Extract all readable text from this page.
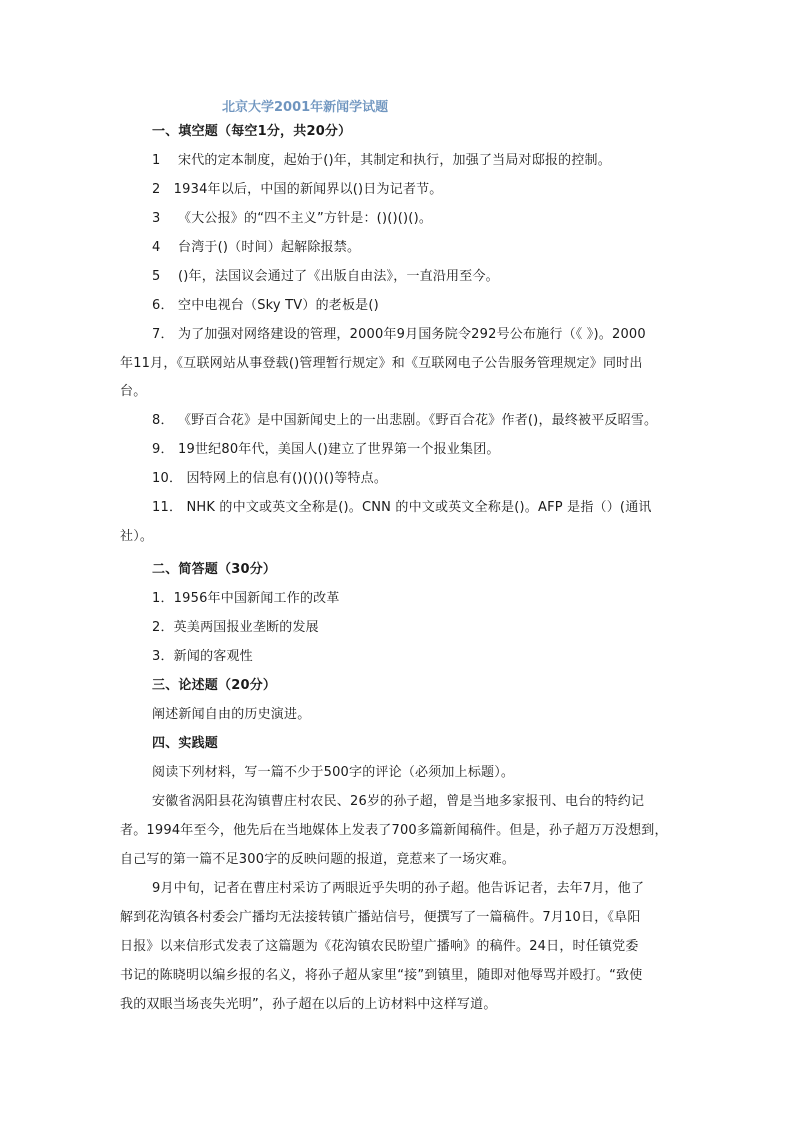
北京大学2001年新闻学试题
一、填空题（每空1分，共20分）
1　 宋代的定本制度，起始于()年，其制定和执行，加强了当局对邸报的控制。
2　1934年以后，中国的新闻界以()日为记者节。
3　 《大公报》的“四不主义”方针是：()()()()。
4　 台湾于()（时间）起解除报禁。
5　 ()年，法国议会通过了《出版自由法》，一直沿用至今。
6． 空中电视台（Sky TV）的老板是()
7． 为了加强对网络建设的管理，2000年9月国务院令292号公布施行（《 》)。2000
年11月，《互联网站从事登载()管理暂行规定》和《互联网电子公告服务管理规定》同时出
台。
8． 《野百合花》是中国新闻史上的一出悲剧。《野百合花》作者()，最终被平反昭雪。
9． 19世纪80年代，美国人()建立了世界第一个报业集团。
10． 因特网上的信息有()()()()等特点。
11． NHK 的中文或英文全称是()。CNN 的中文或英文全称是()。AFP 是指（）(通讯
社）。
二、简答题（30分）
1．1956年中国新闻工作的改革
2．英美两国报业垄断的发展
3．新闻的客观性
三、论述题（20分）
阐述新闻自由的历史演进。
四、实践题
阅读下列材料，写一篇不少于500字的评论（必须加上标题）。
安徽省涡阳县花沟镇曹庄村农民、26岁的孙子超，曾是当地多家报刊、电台的特约记
者。1994年至今，他先后在当地媒体上发表了700多篇新闻稿件。但是，孙子超万万没想到，
自己写的第一篇不足300字的反映问题的报道，竟惹来了一场灾难。
9月中旬，记者在曹庄村采访了两眼近乎失明的孙子超。他告诉记者，去年7月，他了
解到花沟镇各村委会广播均无法接转镇广播站信号，便撰写了一篇稿件。7月10日，《阜阳
日报》以来信形式发表了这篇题为《花沟镇农民盼望广播响》的稿件。24日，时任镇党委
书记的陈晓明以编乡报的名义，将孙子超从家里“接”到镇里，随即对他辱骂并殴打。“致使
我的双眼当场丧失光明”，孙子超在以后的上访材料中这样写道。
